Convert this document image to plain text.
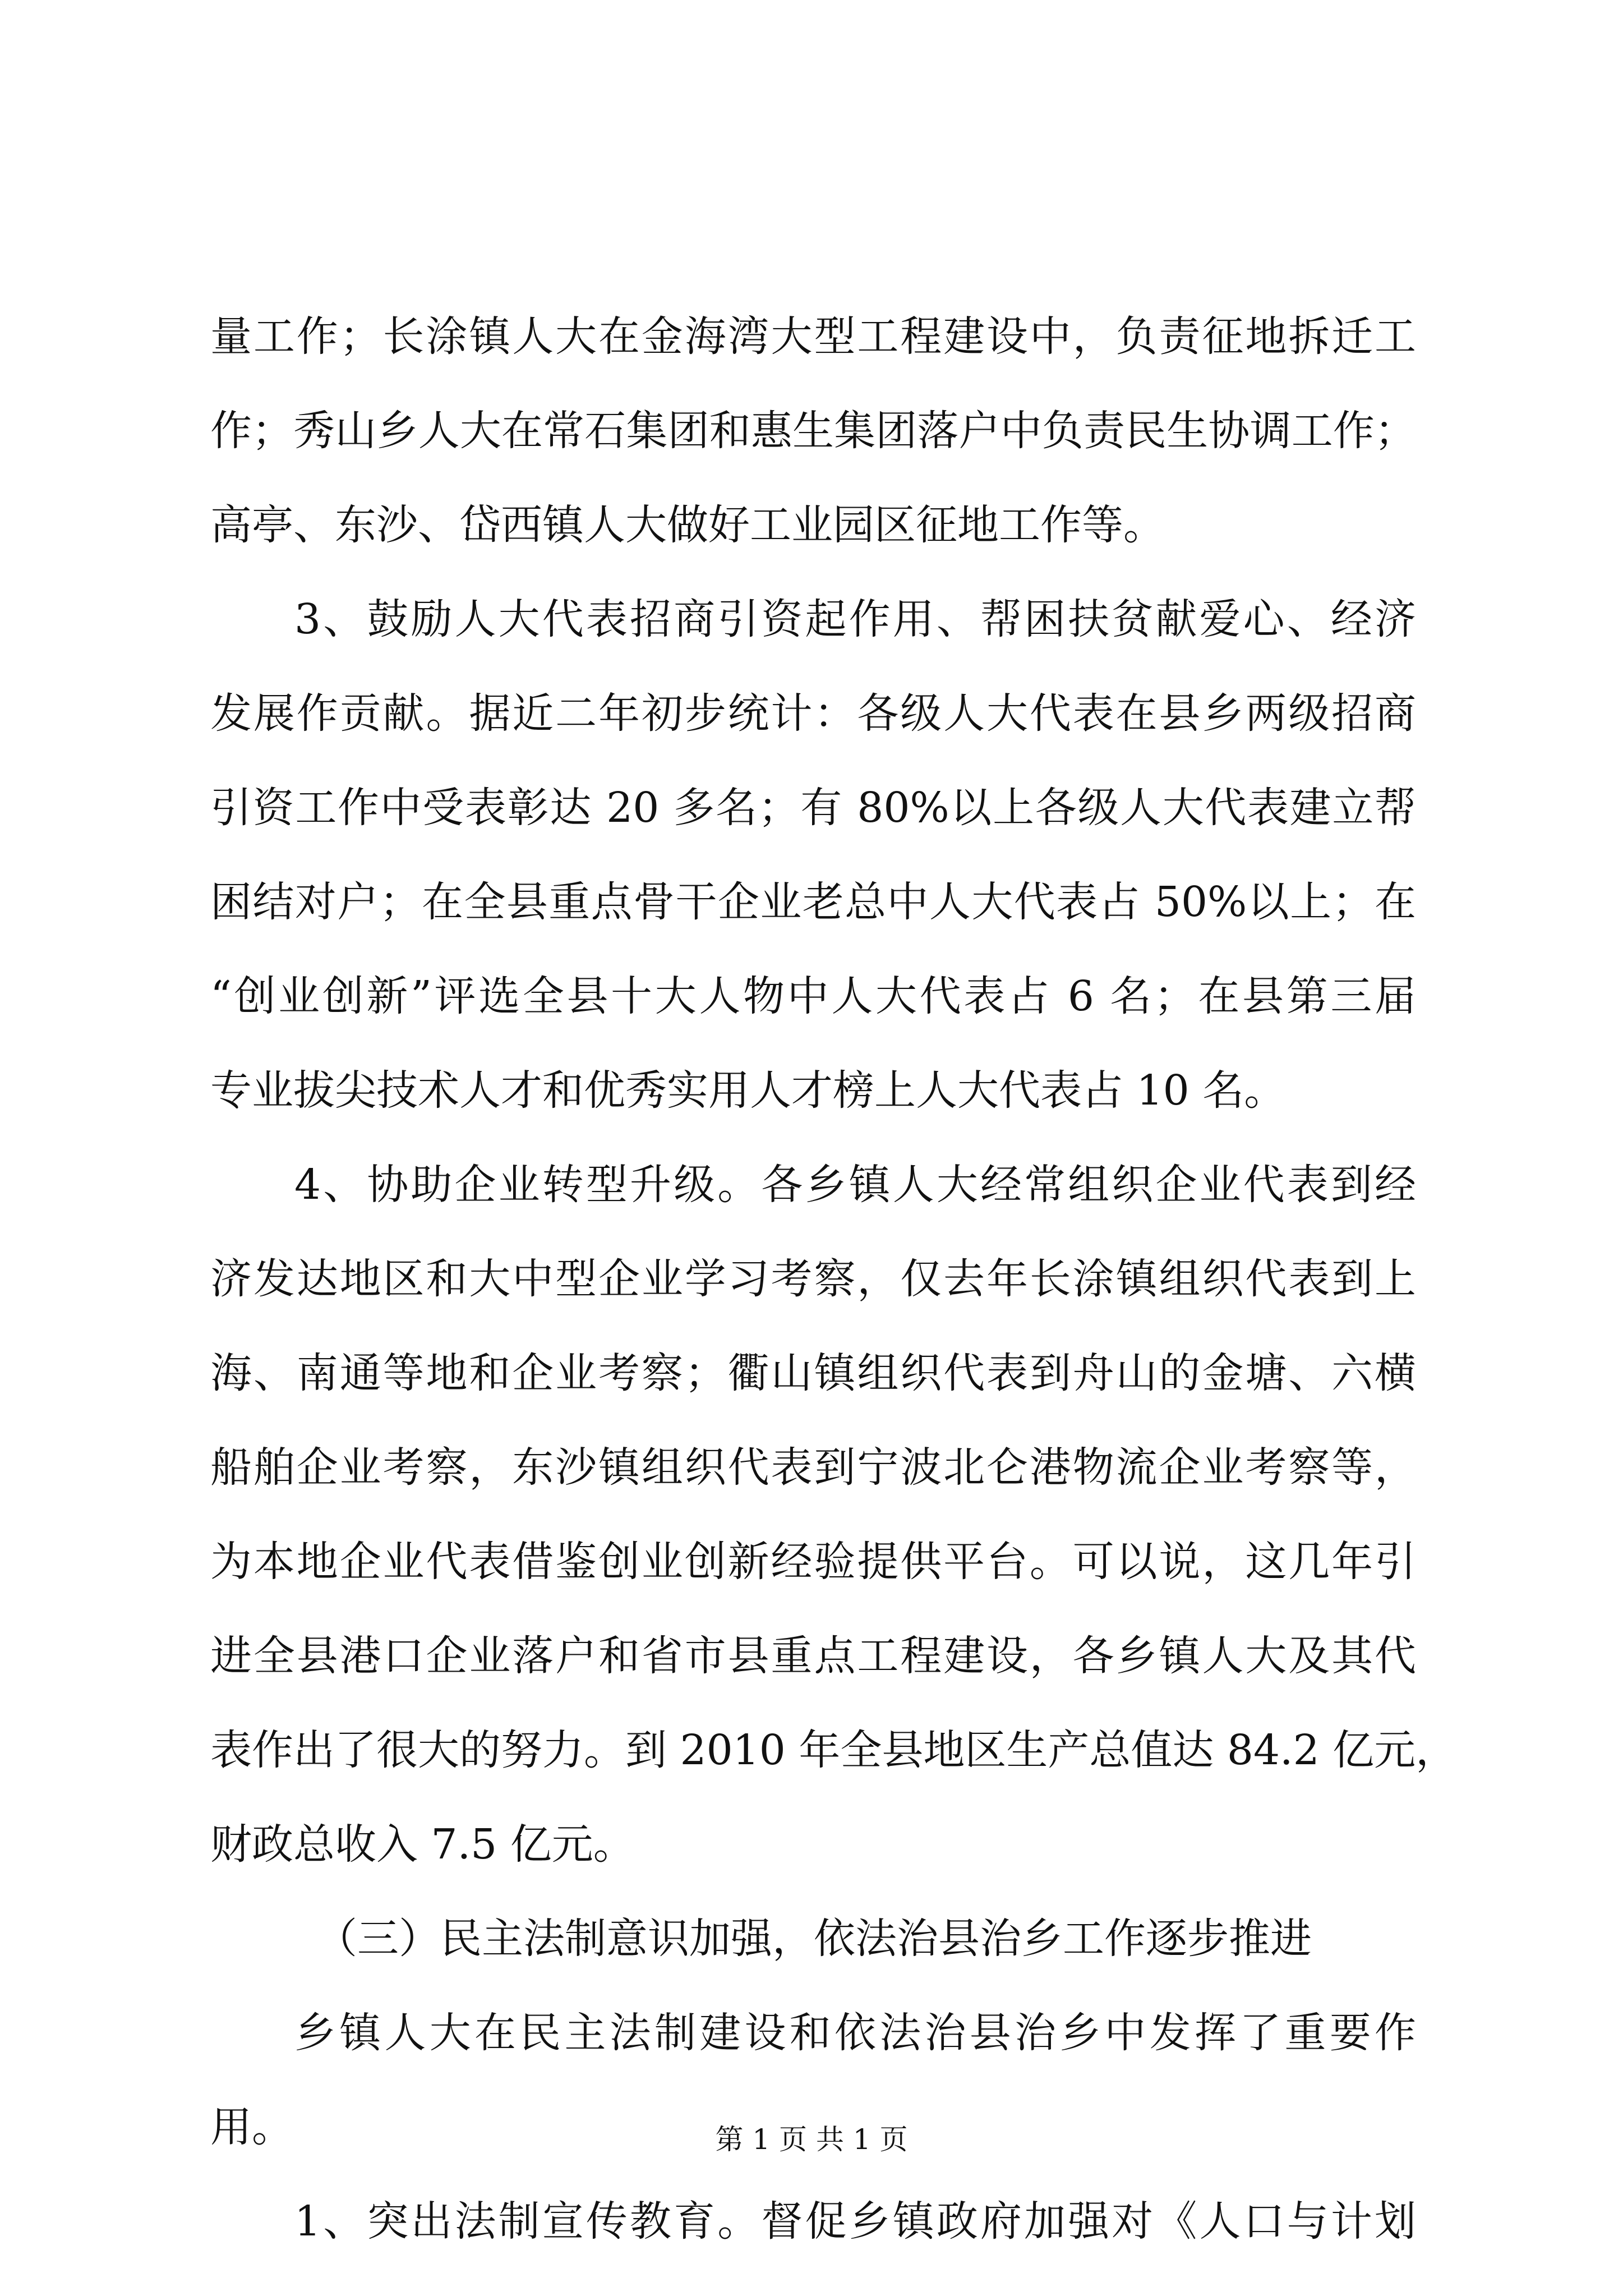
量工作；长涂镇人大在金海湾大型工程建设中，负责征地拆迁工
作；秀山乡人大在常石集团和惠生集团落户中负责民生协调工作；
高亭、东沙、岱西镇人大做好工业园区征地工作等。
3、鼓励人大代表招商引资起作用、帮困扶贫献爱心、经济
发展作贡献。据近二年初步统计：各级人大代表在县乡两级招商
引资工作中受表彰达 20 多名；有 80%以上各级人大代表建立帮
困结对户；在全县重点骨干企业老总中人大代表占 50%以上；在
“创业创新”评选全县十大人物中人大代表占 6 名；在县第三届
专业拔尖技术人才和优秀实用人才榜上人大代表占 10 名。
4、协助企业转型升级。各乡镇人大经常组织企业代表到经
济发达地区和大中型企业学习考察，仅去年长涂镇组织代表到上
海、南通等地和企业考察；衢山镇组织代表到舟山的金塘、六横
船舶企业考察，东沙镇组织代表到宁波北仑港物流企业考察等，
为本地企业代表借鉴创业创新经验提供平台。可以说，这几年引
进全县港口企业落户和省市县重点工程建设，各乡镇人大及其代
表作出了很大的努力。到 2010 年全县地区生产总值达 84.2 亿元，
财政总收入 7.5 亿元。
（三）民主法制意识加强，依法治县治乡工作逐步推进
乡镇人大在民主法制建设和依法治县治乡中发挥了重要作
用。
1、突出法制宣传教育。督促乡镇政府加强对《人口与计划
第 1 页 共 1 页
